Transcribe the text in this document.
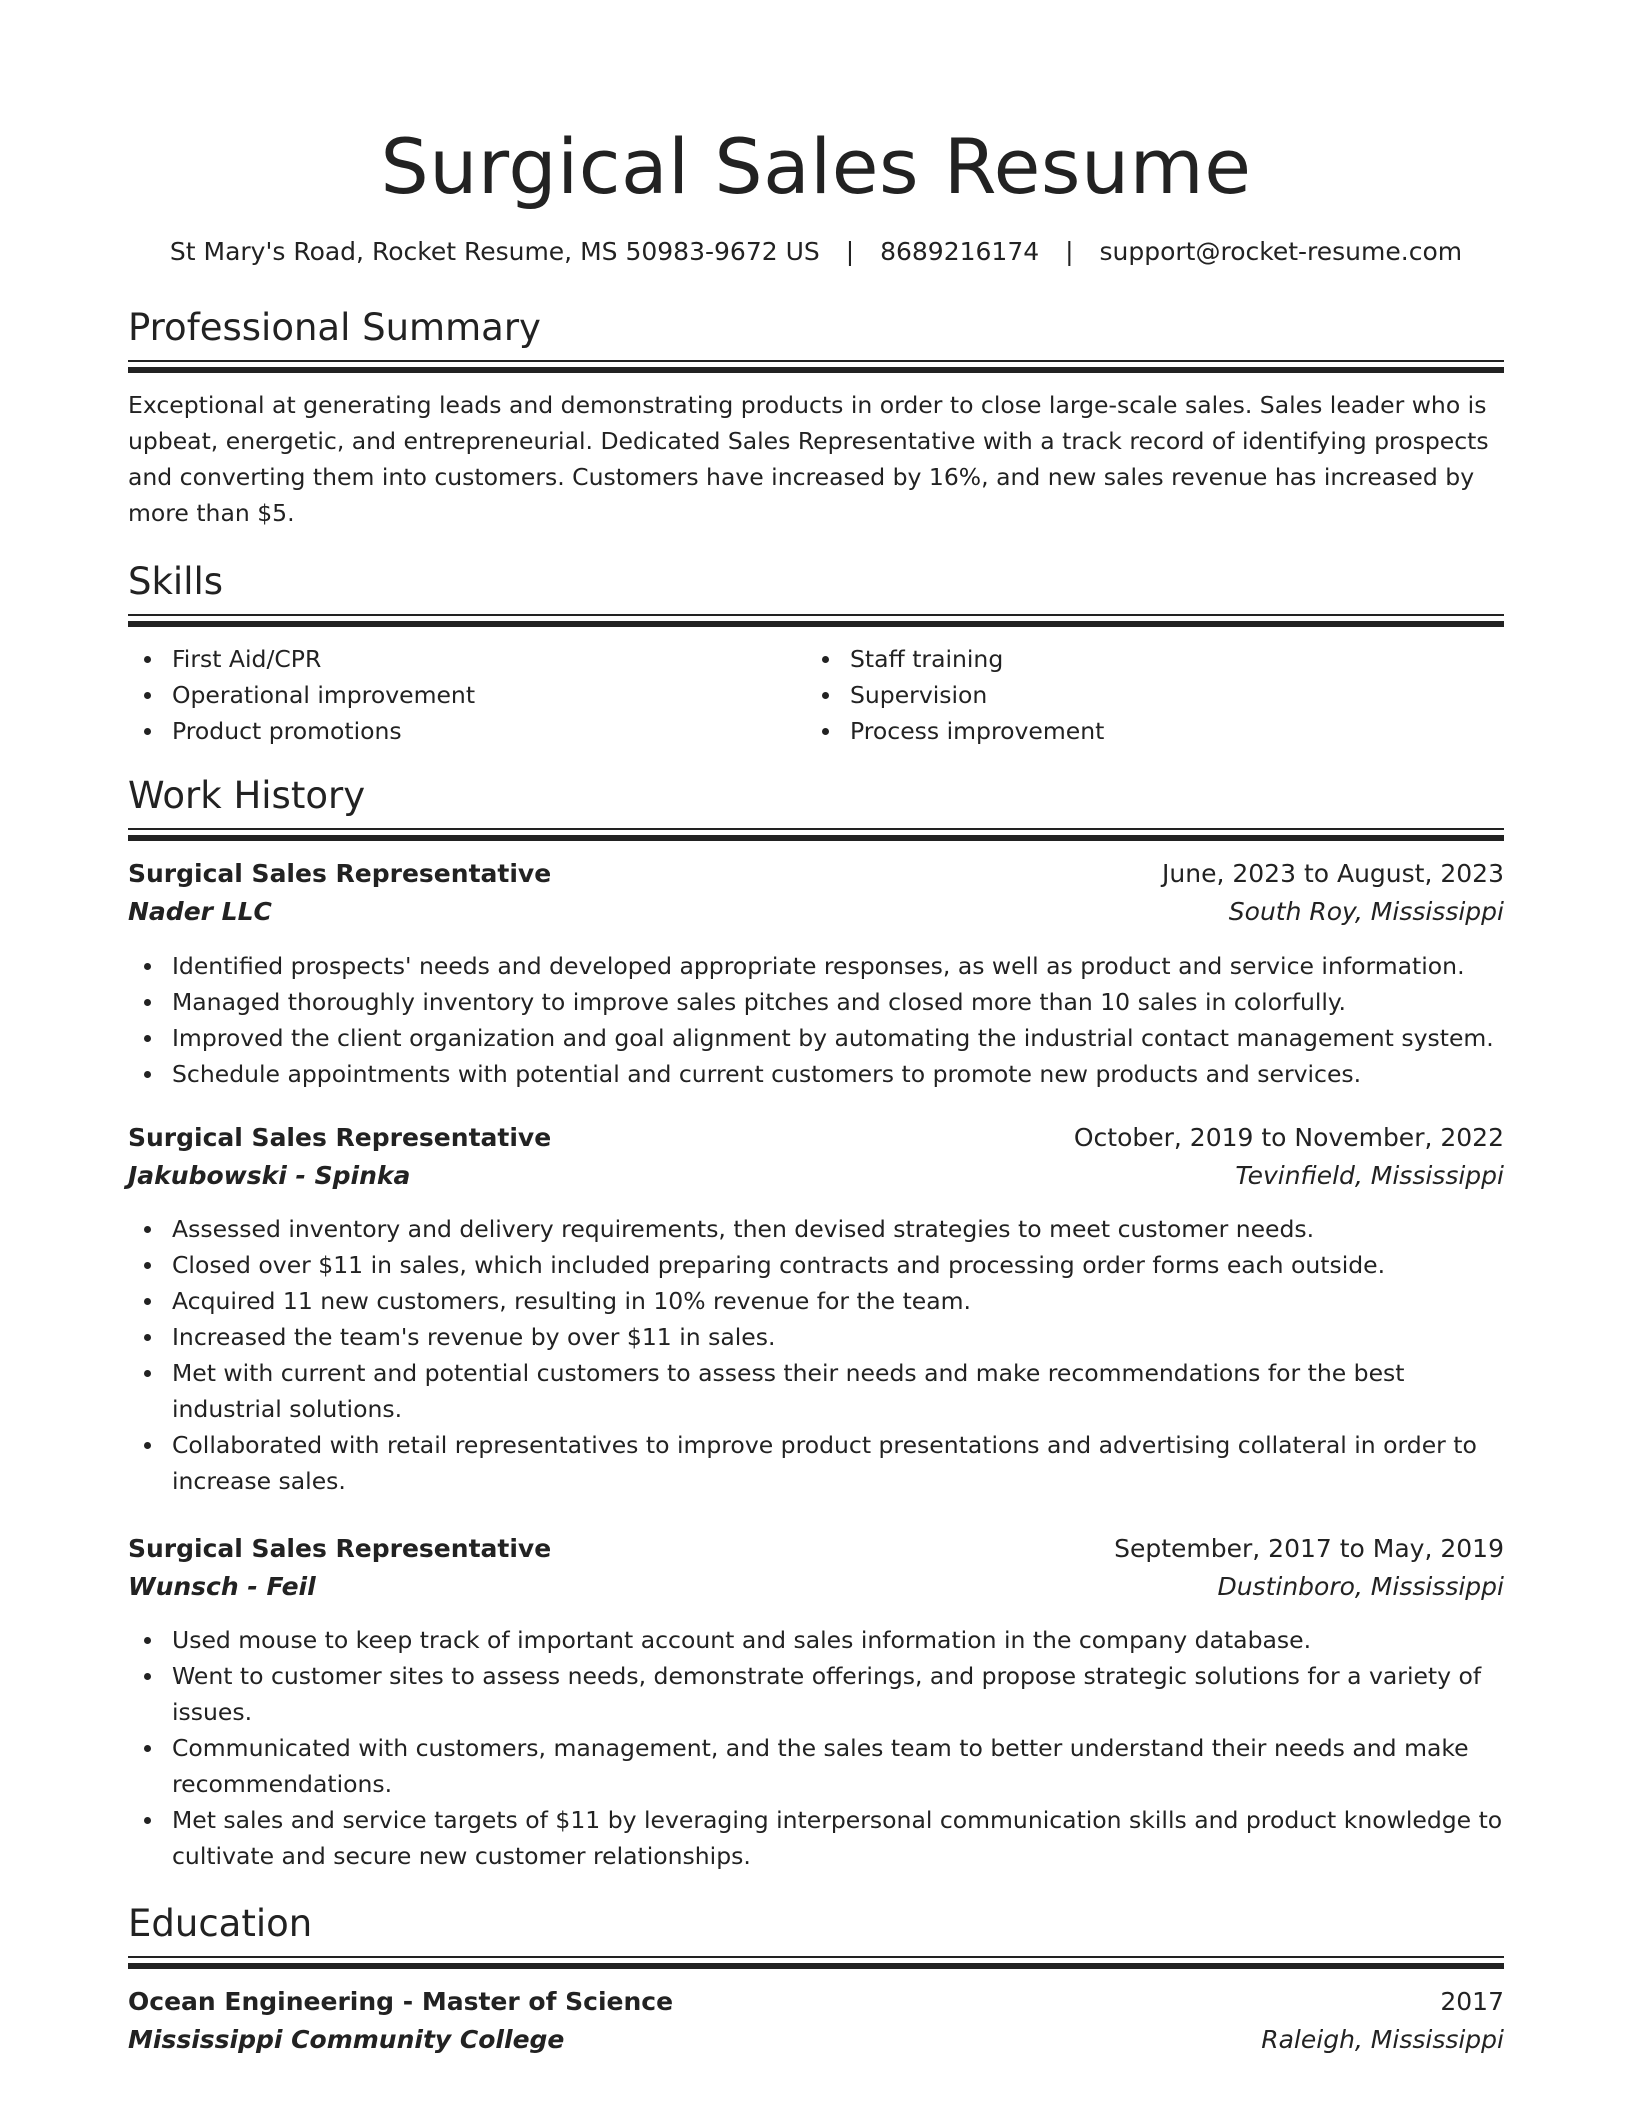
Surgical Sales Resume
St Mary's Road, Rocket Resume, MS 50983-9672 US | 8689216174 | support@rocket-resume.com
Professional Summary
Exceptional at generating leads and demonstrating products in order to close large-scale sales. Sales leader who is upbeat, energetic, and entrepreneurial. Dedicated Sales Representative with a track record of identifying prospects and converting them into customers. Customers have increased by 16%, and new sales revenue has increased by more than $5.
Skills
First Aid/CPR
Operational improvement
Product promotions
Staff training
Supervision
Process improvement
Work History
Surgical Sales Representative	June, 2023 to August, 2023
Nader LLC	South Roy, Mississippi
Identified prospects' needs and developed appropriate responses, as well as product and service information.
Managed thoroughly inventory to improve sales pitches and closed more than 10 sales in colorfully.
Improved the client organization and goal alignment by automating the industrial contact management system.
Schedule appointments with potential and current customers to promote new products and services.
Surgical Sales Representative	October, 2019 to November, 2022
Jakubowski - Spinka	Tevinfield, Mississippi
Assessed inventory and delivery requirements, then devised strategies to meet customer needs.
Closed over $11 in sales, which included preparing contracts and processing order forms each outside.
Acquired 11 new customers, resulting in 10% revenue for the team.
Increased the team's revenue by over $11 in sales.
Met with current and potential customers to assess their needs and make recommendations for the best industrial solutions.
Collaborated with retail representatives to improve product presentations and advertising collateral in order to increase sales.
Surgical Sales Representative	September, 2017 to May, 2019
Wunsch - Feil	Dustinboro, Mississippi
Used mouse to keep track of important account and sales information in the company database.
Went to customer sites to assess needs, demonstrate offerings, and propose strategic solutions for a variety of issues.
Communicated with customers, management, and the sales team to better understand their needs and make recommendations.
Met sales and service targets of $11 by leveraging interpersonal communication skills and product knowledge to cultivate and secure new customer relationships.
Education
Ocean Engineering - Master of Science	2017
Mississippi Community College	Raleigh, Mississippi
